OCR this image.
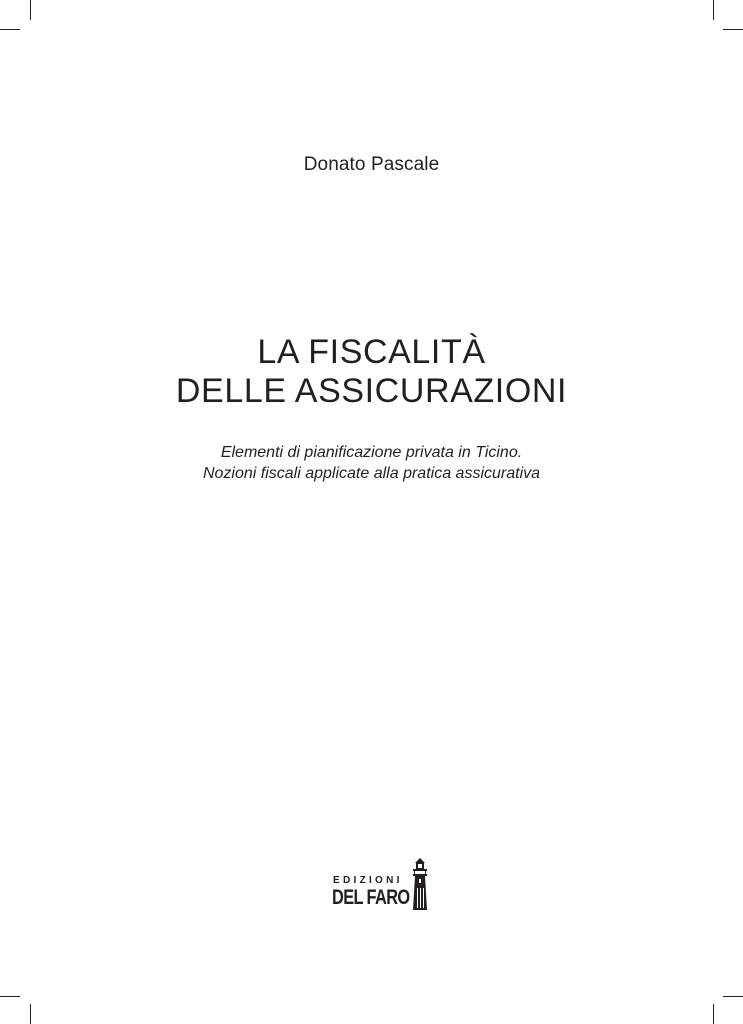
Donato Pascale
LA FISCALITÀ
DELLE ASSICURAZIONI
Elementi di pianificazione privata in Ticino.
Nozioni fiscali applicate alla pratica assicurativa
EDIZIONI
DEL FARO
